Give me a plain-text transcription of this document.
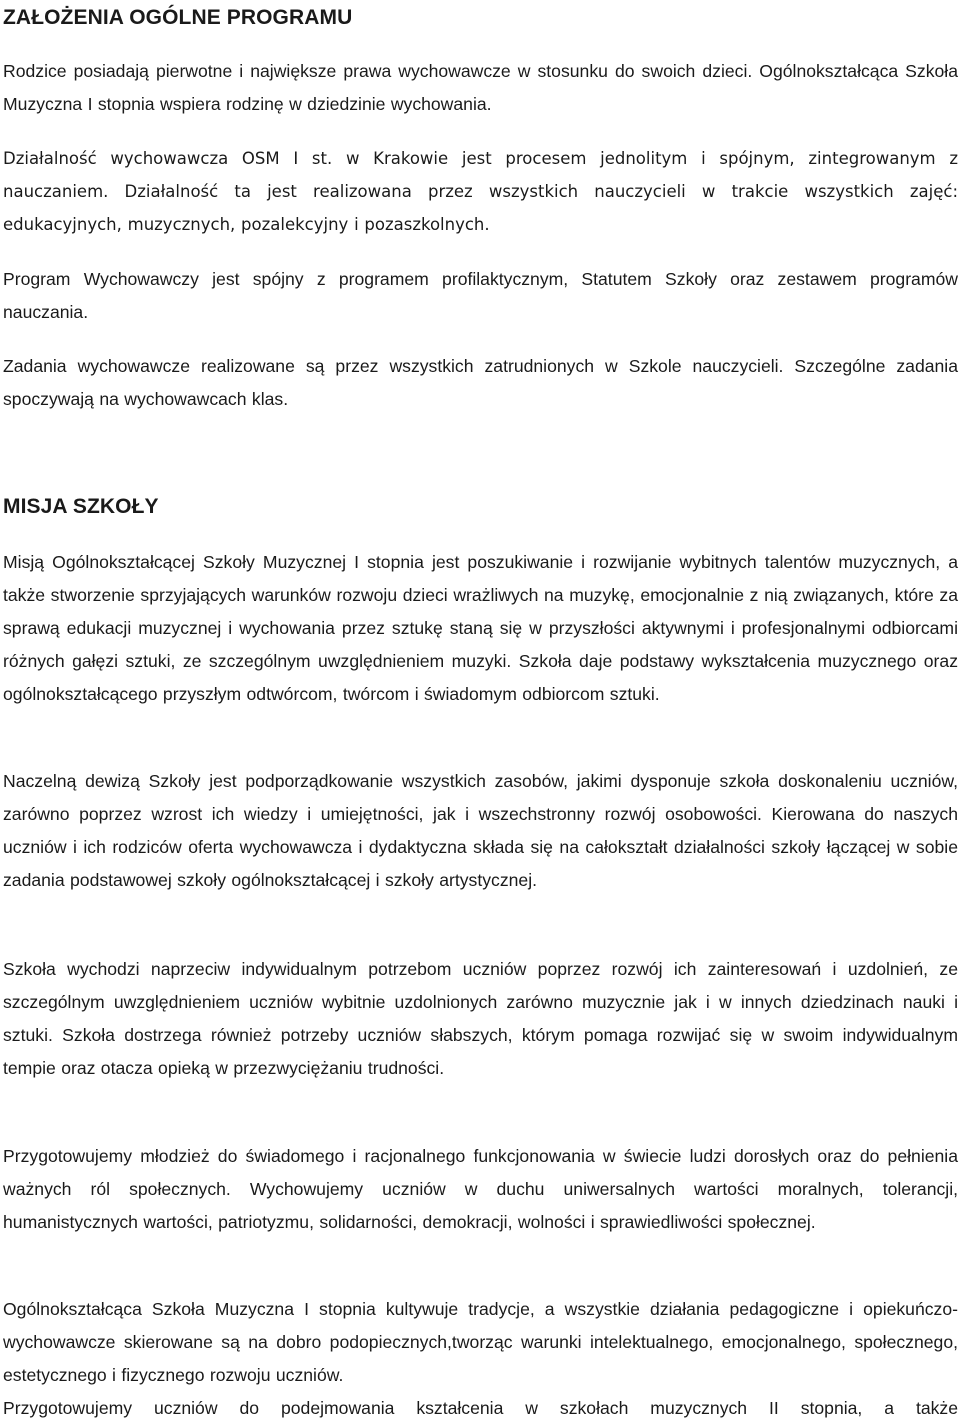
ZAŁOŻENIA OGÓLNE PROGRAMU

Rodzice posiadają pierwotne i największe prawa wychowawcze w stosunku do swoich dzieci. Ogólnokształcąca Szkoła Muzyczna I stopnia wspiera rodzinę w dziedzinie wychowania.

Działalność wychowawcza OSM I st. w Krakowie jest procesem jednolitym i spójnym, zintegrowanym z nauczaniem. Działalność ta jest realizowana przez wszystkich nauczycieli w trakcie wszystkich zajęć: edukacyjnych, muzycznych, pozalekcyjny i pozaszkolnych.

Program Wychowawczy jest spójny z programem profilaktycznym, Statutem Szkoły oraz zestawem programów nauczania.

Zadania wychowawcze realizowane są przez wszystkich zatrudnionych w Szkole nauczycieli. Szczególne zadania spoczywają na wychowawcach klas.

MISJA SZKOŁY

Misją Ogólnokształcącej Szkoły Muzycznej I stopnia jest poszukiwanie i rozwijanie wybitnych talentów muzycznych, a także stworzenie sprzyjających warunków rozwoju dzieci wrażliwych na muzykę, emocjonalnie z nią związanych, które za sprawą edukacji muzycznej i wychowania przez sztukę staną się w przyszłości aktywnymi i profesjonalnymi odbiorcami różnych gałęzi sztuki, ze szczególnym uwzględnieniem muzyki. Szkoła daje podstawy wykształcenia muzycznego oraz ogólnokształcącego przyszłym odtwórcom, twórcom i świadomym odbiorcom sztuki.

Naczelną dewizą Szkoły jest podporządkowanie wszystkich zasobów, jakimi dysponuje szkoła doskonaleniu uczniów, zarówno poprzez wzrost ich wiedzy i umiejętności, jak i wszechstronny rozwój osobowości. Kierowana do naszych uczniów i ich rodziców oferta wychowawcza i dydaktyczna składa się na całokształt działalności szkoły łączącej w sobie zadania podstawowej szkoły ogólnokształcącej i szkoły artystycznej.

Szkoła wychodzi naprzeciw indywidualnym potrzebom uczniów poprzez rozwój ich zainteresowań i uzdolnień, ze szczególnym uwzględnieniem uczniów wybitnie uzdolnionych zarówno muzycznie jak i w innych dziedzinach nauki i sztuki. Szkoła dostrzega również potrzeby uczniów słabszych, którym pomaga rozwijać się w swoim indywidualnym tempie oraz otacza opieką w przezwyciężaniu trudności.

Przygotowujemy młodzież do świadomego i racjonalnego funkcjonowania w świecie ludzi dorosłych oraz do pełnienia ważnych ról społecznych. Wychowujemy uczniów w duchu uniwersalnych wartości moralnych, tolerancji, humanistycznych wartości, patriotyzmu, solidarności, demokracji, wolności i sprawiedliwości społecznej.

Ogólnokształcąca Szkoła Muzyczna I stopnia kultywuje tradycje, a wszystkie działania pedagogiczne i opiekuńczo-wychowawcze skierowane są na dobro podopiecznych,tworząc warunki intelektualnego, emocjonalnego, społecznego, estetycznego i fizycznego rozwoju uczniów.

Przygotowujemy uczniów do podejmowania kształcenia w szkołach muzycznych II stopnia, a także
